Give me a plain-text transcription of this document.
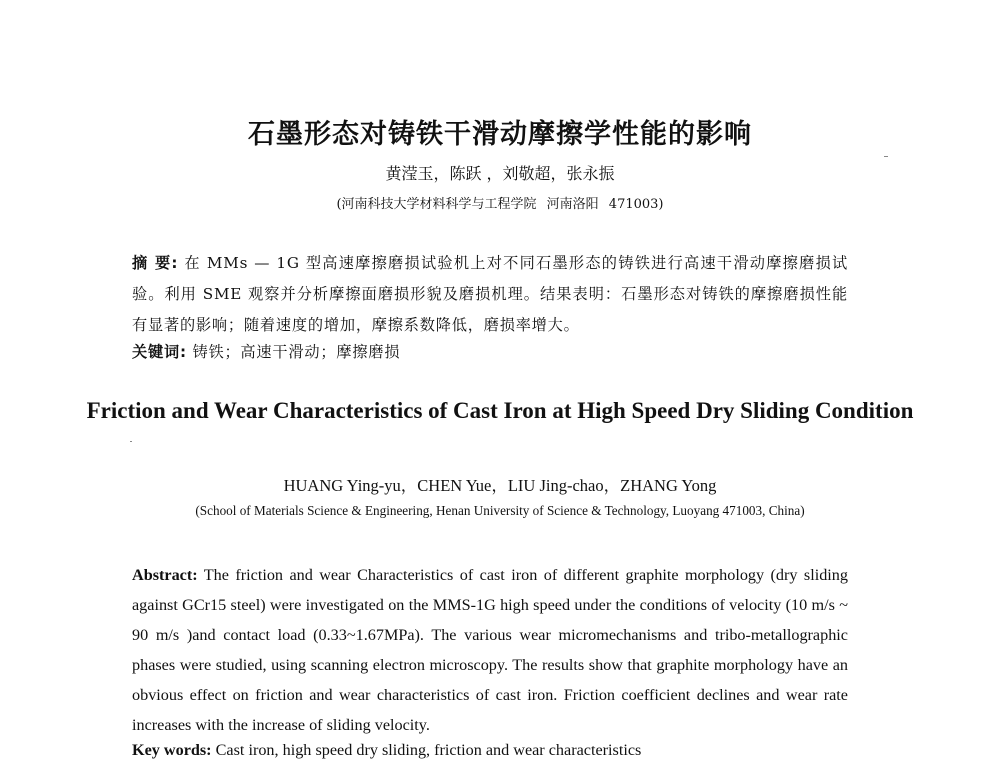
石墨形态对铸铁干滑动摩擦学性能的影响
黄滢玉，陈跃 ，刘敬超，张永振
(河南科技大学材料科学与工程学院 河南洛阳 471003)
摘 要: 在 MMs — 1G 型高速摩擦磨损试验机上对不同石墨形态的铸铁进行高速干滑动摩擦磨损试验。利用 SME 观察并分析摩擦面磨损形貌及磨损机理。结果表明：石墨形态对铸铁的摩擦磨损性能有显著的影响；随着速度的增加，摩擦系数降低，磨损率增大。
关键词: 铸铁；高速干滑动；摩擦磨损
Friction and Wear Characteristics of Cast Iron at High Speed Dry Sliding Condition
HUANG Ying-yu，CHEN Yue，LIU Jing-chao，ZHANG Yong
(School of Materials Science & Engineering, Henan University of Science & Technology, Luoyang 471003, China)
Abstract: The friction and wear Characteristics of cast iron of different graphite morphology (dry sliding against GCr15 steel) were investigated on the MMS-1G high speed under the conditions of velocity (10 m/s ~ 90 m/s )and contact load (0.33~1.67MPa). The various wear micromechanisms and tribo-metallographic phases were studied, using scanning electron microscopy. The results show that graphite morphology have an obvious effect on friction and wear characteristics of cast iron. Friction coefficient declines and wear rate increases with the increase of sliding velocity.
Key words: Cast iron, high speed dry sliding, friction and wear characteristics
